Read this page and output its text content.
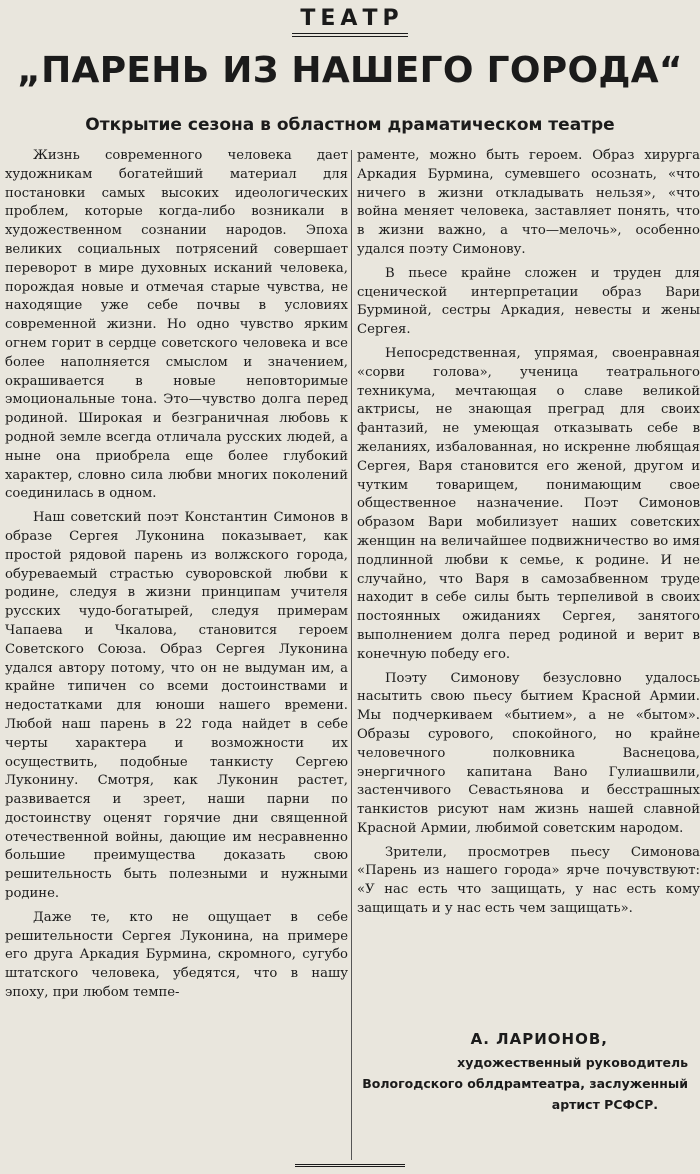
ТЕАТР
„ПАРЕНЬ ИЗ НАШЕГО ГОРОДА“
Открытие сезона в областном драматическом театре

Жизнь современного человека дает художникам богатейший материал для постановки самых высоких идеологических проблем, которые когда-либо возникали в художественном сознании народов. Эпоха великих социальных потрясений совершает переворот в мире духовных исканий человека, порождая новые и отмечая старые чувства, не находящие уже себе почвы в условиях современной жизни. Но одно чувство ярким огнем горит в сердце советского человека и все более наполняется смыслом и значением, окрашивается в новые неповторимые эмоциональные тона. Это—чувство долга перед родиной. Широкая и безграничная любовь к родной земле всегда отличала русских людей, а ныне она приобрела еще более глубокий характер, словно сила любви многих поколений соединилась в одном.

Наш советский поэт Константин Симонов в образе Сергея Луконина показывает, как простой рядовой парень из волжского города, обуреваемый страстью суворовской любви к родине, следуя в жизни принципам учителя русских чудо-богатырей, следуя примерам Чапаева и Чкалова, становится героем Советского Союза. Образ Сергея Луконина удался автору потому, что он не выдуман им, а крайне типичен со всеми достоинствами и недостатками для юноши нашего времени. Любой наш парень в 22 года найдет в себе черты характера и возможности их осуществить, подобные танкисту Сергею Луконину. Смотря, как Луконин растет, развивается и зреет, наши парни по достоинству оценят горячие дни священной отечественной войны, дающие им несравненно большие преимущества доказать свою решительность быть полезными и нужными родине.

Даже те, кто не ощущает в себе решительности Сергея Луконина, на примере его друга Аркадия Бурмина, скромного, сугубо штатского человека, убедятся, что в нашу эпоху, при любом темпе-

раменте, можно быть героем. Образ хирурга Аркадия Бурмина, сумевшего осознать, «что ничего в жизни откладывать нельзя», «что война меняет человека, заставляет понять, что в жизни важно, а что—мелочь», особенно удался поэту Симонову.

В пьесе крайне сложен и труден для сценической интерпретации образ Вари Бурминой, сестры Аркадия, невесты и жены Сергея.

Непосредственная, упрямая, своенравная «сорви голова», ученица театрального техникума, мечтающая о славе великой актрисы, не знающая преград для своих фантазий, не умеющая отказывать себе в желаниях, избалованная, но искренне любящая Сергея, Варя становится его женой, другом и чутким товарищем, понимающим свое общественное назначение. Поэт Симонов образом Вари мобилизует наших советских женщин на величайшее подвижничество во имя подлинной любви к семье, к родине. И не случайно, что Варя в самозабвенном труде находит в себе силы быть терпеливой в своих постоянных ожиданиях Сергея, занятого выполнением долга перед родиной и верит в конечную победу его.

Поэту Симонову безусловно удалось насытить свою пьесу бытием Красной Армии. Мы подчеркиваем «бытием», а не «бытом». Образы сурового, спокойного, но крайне человечного полковника Васнецова, энергичного капитана Вано Гулиашвили, застенчивого Севастьянова и бесстрашных танкистов рисуют нам жизнь нашей славной Красной Армии, любимой советским народом.

Зрители, просмотрев пьесу Симонова «Парень из нашего города» ярче почувствуют: «У нас есть что защищать, у нас есть кому защищать и у нас есть чем защищать».

А. ЛАРИОНОВ,
художественный руководитель
Вологодского облдрамтеатра, заслуженный
артист РСФСР.
